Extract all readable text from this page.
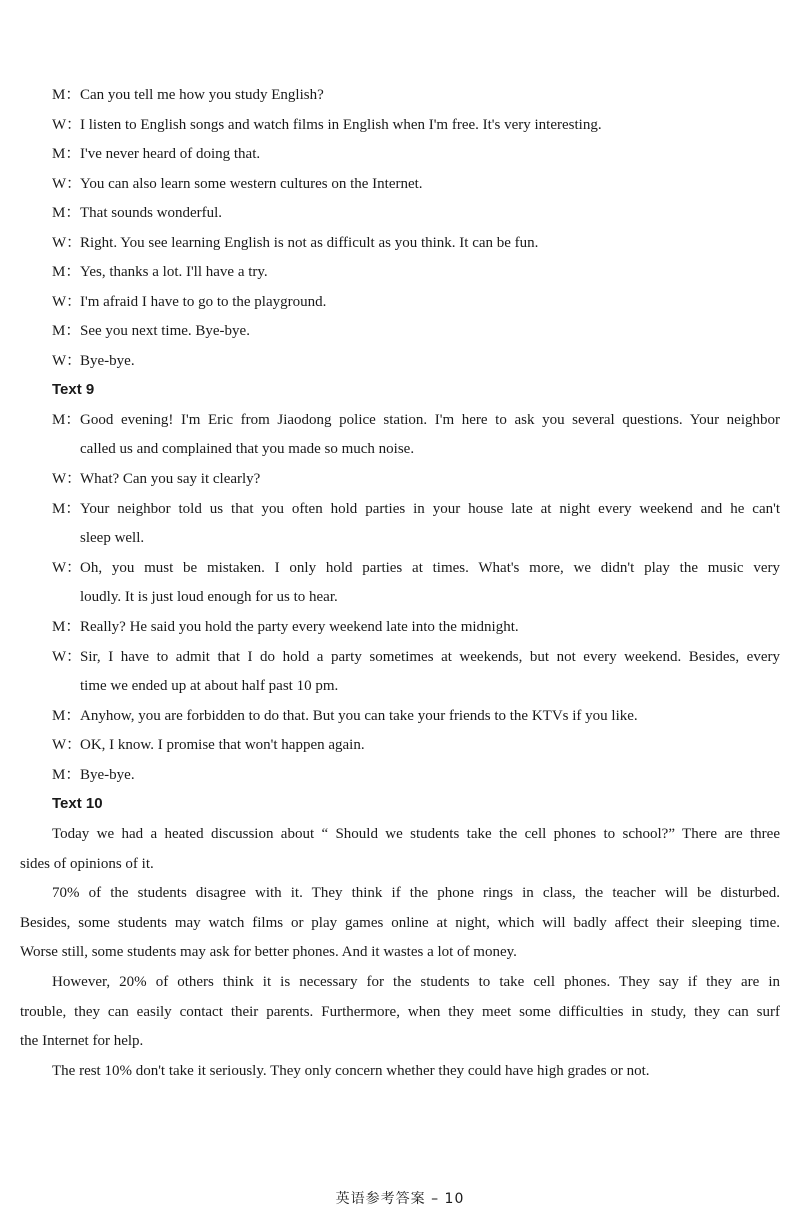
M：Can you tell me how you study English?
W：I listen to English songs and watch films in English when I'm free. It's very interesting.
M：I've never heard of doing that.
W：You can also learn some western cultures on the Internet.
M：That sounds wonderful.
W：Right. You see learning English is not as difficult as you think. It can be fun.
M：Yes, thanks a lot. I'll have a try.
W：I'm afraid I have to go to the playground.
M：See you next time. Bye-bye.
W：Bye-bye.
Text 9
M：Good evening! I'm Eric from Jiaodong police station. I'm here to ask you several questions. Your neighbor
called us and complained that you made so much noise.
W：What? Can you say it clearly?
M：Your neighbor told us that you often hold parties in your house late at night every weekend and he can't
sleep well.
W：Oh, you must be mistaken. I only hold parties at times. What's more, we didn't play the music very
loudly. It is just loud enough for us to hear.
M：Really? He said you hold the party every weekend late into the midnight.
W：Sir, I have to admit that I do hold a party sometimes at weekends, but not every weekend. Besides, every
time we ended up at about half past 10 pm.
M：Anyhow, you are forbidden to do that. But you can take your friends to the KTVs if you like.
W：OK, I know. I promise that won't happen again.
M：Bye-bye.
Text 10
Today we had a heated discussion about “ Should we students take the cell phones to school?” There are three
sides of opinions of it.
70% of the students disagree with it. They think if the phone rings in class, the teacher will be disturbed.
Besides, some students may watch films or play games online at night, which will badly affect their sleeping time.
Worse still, some students may ask for better phones. And it wastes a lot of money.
However, 20% of others think it is necessary for the students to take cell phones. They say if they are in
trouble, they can easily contact their parents. Furthermore, when they meet some difficulties in study, they can surf
the Internet for help.
The rest 10% don't take it seriously. They only concern whether they could have high grades or not.
英语参考答案 – 10
